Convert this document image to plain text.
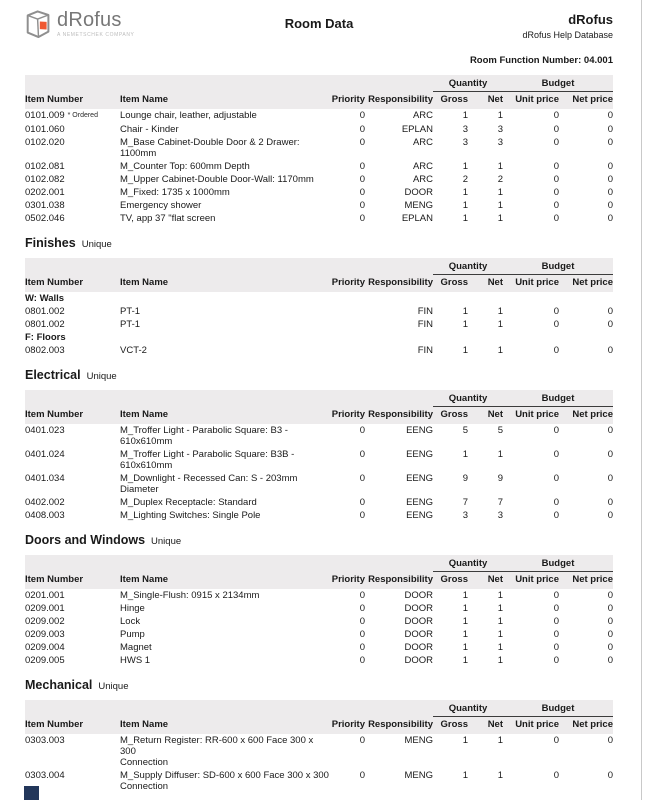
dRofus
A NEMETSCHEK COMPANY
Room Data	dRofus
dRofus Help Database
Room Function Number: 04.001
				Quantity		Budget	
Item Number	Item Name	Priority	Responsibility	Gross	Net	Unit price	Net price
0101.009 * Ordered	Lounge chair, leather, adjustable	0	ARC	1	1	0	0
0101.060	Chair - Kinder	0	EPLAN	3	3	0	0
0102.020	M_Base Cabinet-Double Door & 2 Drawer: 1100mm	0	ARC	3	3	0	0
0102.081	M_Counter Top: 600mm Depth	0	ARC	1	1	0	0
0102.082	M_Upper Cabinet-Double Door-Wall: 1170mm	0	ARC	2	2	0	0
0202.001	M_Fixed: 1735 x 1000mm	0	DOOR	1	1	0	0
0301.038	Emergency shower	0	MENG	1	1	0	0
0502.046	TV, app 37 "flat screen	0	EPLAN	1	1	0	0
Finishes Unique
				Quantity		Budget	
Item Number	Item Name	Priority	Responsibility	Gross	Net	Unit price	Net price
W: Walls							
0801.002	PT-1		FIN	1	1	0	0
0801.002	PT-1		FIN	1	1	0	0
F: Floors							
0802.003	VCT-2		FIN	1	1	0	0
Electrical Unique
				Quantity		Budget	
Item Number	Item Name	Priority	Responsibility	Gross	Net	Unit price	Net price
0401.023	M_Troffer Light - Parabolic Square: B3 - 610x610mm	0	EENG	5	5	0	0
0401.024	M_Troffer Light - Parabolic Square: B3B - 610x610mm	0	EENG	1	1	0	0
0401.034	M_Downlight - Recessed Can: S - 203mm Diameter	0	EENG	9	9	0	0
0402.002	M_Duplex Receptacle: Standard	0	EENG	7	7	0	0
0408.003	M_Lighting Switches: Single Pole	0	EENG	3	3	0	0
Doors and Windows Unique
				Quantity		Budget	
Item Number	Item Name	Priority	Responsibility	Gross	Net	Unit price	Net price
0201.001	M_Single-Flush: 0915 x 2134mm	0	DOOR	1	1	0	0
0209.001	Hinge	0	DOOR	1	1	0	0
0209.002	Lock	0	DOOR	1	1	0	0
0209.003	Pump	0	DOOR	1	1	0	0
0209.004	Magnet	0	DOOR	1	1	0	0
0209.005	HWS 1	0	DOOR	1	1	0	0
Mechanical Unique
				Quantity		Budget	
Item Number	Item Name	Priority	Responsibility	Gross	Net	Unit price	Net price
0303.003	M_Return Register: RR-600 x 600 Face 300 x 300
Connection	0	MENG	1	1	0	0
0303.004	M_Supply Diffuser: SD-600 x 600 Face 300 x 300
Connection	0	MENG	1	1	0	0
